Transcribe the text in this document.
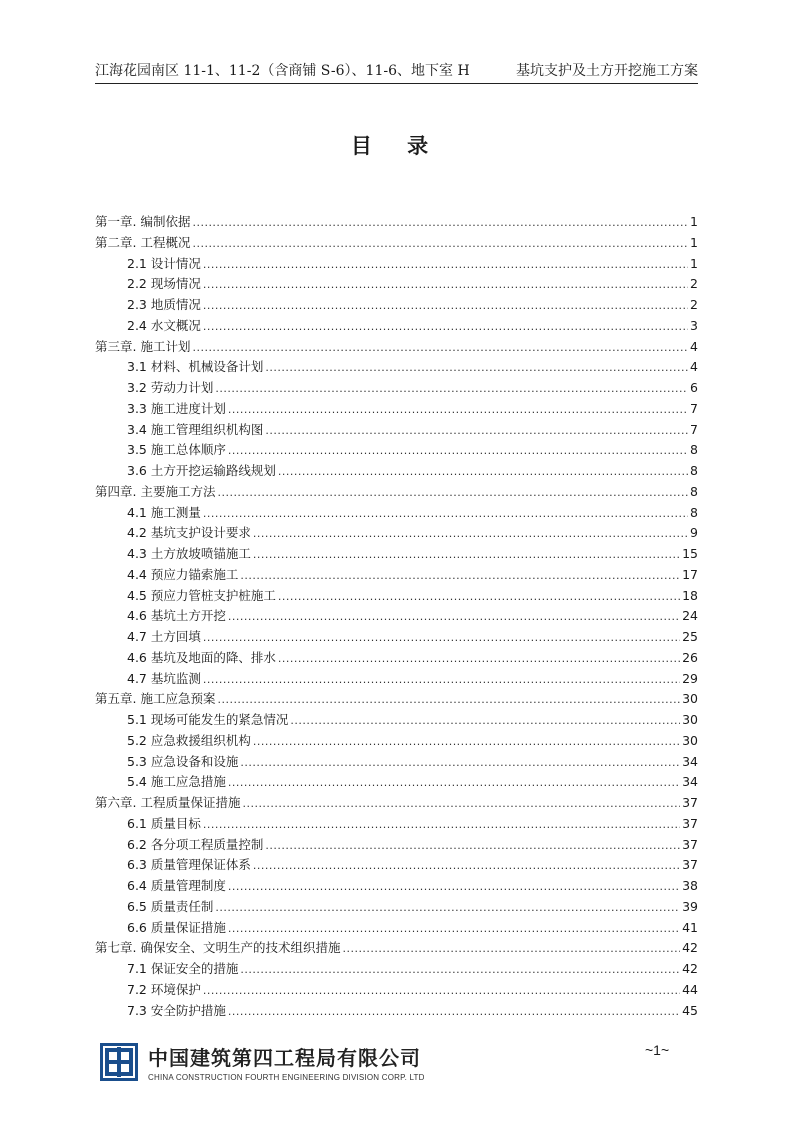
江海花园南区 11-1、11-2（含商铺 S-6）、11-6、地下室 H	基坑支护及土方开挖施工方案
目 录
第一章. 编制依据 .....	1
第二章. 工程概况 .....	1
2.1 设计情况 .....	1
2.2 现场情况 .....	2
2.3 地质情况 .....	2
2.4 水文概况 .....	3
第三章. 施工计划 .....	4
3.1 材料、机械设备计划 .....	4
3.2 劳动力计划 .....	6
3.3 施工进度计划 .....	7
3.4 施工管理组织机构图 .....	7
3.5 施工总体顺序 .....	8
3.6 土方开挖运输路线规划 .....	8
第四章. 主要施工方法 .....	8
4.1 施工测量 .....	8
4.2 基坑支护设计要求 .....	9
4.3 土方放坡喷锚施工 .....	15
4.4 预应力锚索施工 .....	17
4.5 预应力管桩支护桩施工 .....	18
4.6 基坑土方开挖 .....	24
4.7 土方回填 .....	25
4.6 基坑及地面的降、排水 .....	26
4.7 基坑监测 .....	29
第五章. 施工应急预案 .....	30
5.1 现场可能发生的紧急情况 .....	30
5.2 应急救援组织机构 .....	30
5.3 应急设备和设施 .....	34
5.4 施工应急措施 .....	34
第六章. 工程质量保证措施 .....	37
6.1 质量目标 .....	37
6.2 各分项工程质量控制 .....	37
6.3 质量管理保证体系 .....	37
6.4 质量管理制度 .....	38
6.5 质量责任制 .....	39
6.6 质量保证措施 .....	41
第七章. 确保安全、文明生产的技术组织措施 .....	42
7.1 保证安全的措施 .....	42
7.2 环境保护 .....	44
7.3 安全防护措施 .....	45
中国建筑第四工程局有限公司
CHINA CONSTRUCTION FOURTH ENGINEERING DIVISION CORP. LTD
~1~
